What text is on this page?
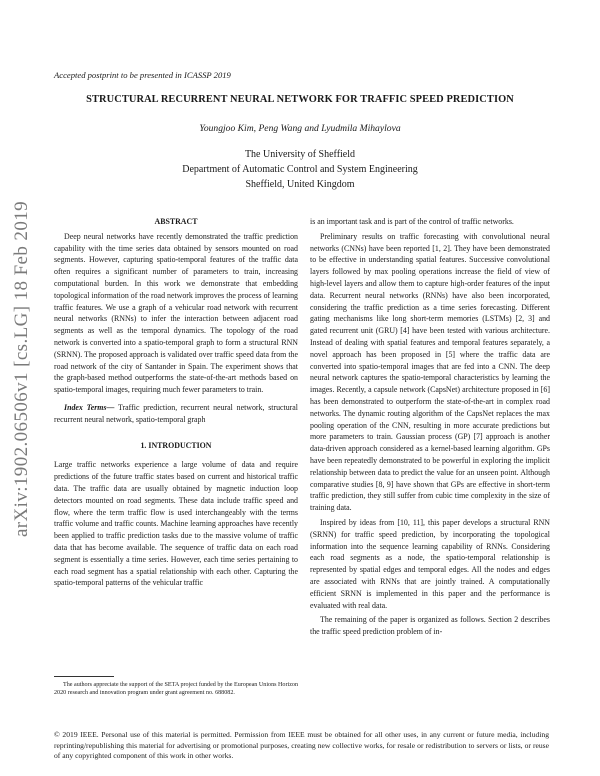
arXiv:1902.06506v1 [cs.LG] 18 Feb 2019
Accepted postprint to be presented in ICASSP 2019
STRUCTURAL RECURRENT NEURAL NETWORK FOR TRAFFIC SPEED PREDICTION
Youngjoo Kim, Peng Wang and Lyudmila Mihaylova
The University of Sheffield
Department of Automatic Control and System Engineering
Sheffield, United Kingdom
ABSTRACT

Deep neural networks have recently demonstrated the traffic prediction capability with the time series data obtained by sensors mounted on road segments. However, capturing spatio-temporal features of the traffic data often requires a significant number of parameters to train, increasing computational burden. In this work we demonstrate that embedding topological information of the road network improves the process of learning traffic features. We use a graph of a vehicular road network with recurrent neural networks (RNNs) to infer the interaction between adjacent road segments as well as the temporal dynamics. The topology of the road network is converted into a spatio-temporal graph to form a structural RNN (SRNN). The proposed approach is validated over traffic speed data from the road network of the city of Santander in Spain. The experiment shows that the graph-based method outperforms the state-of-the-art methods based on spatio-temporal images, requiring much fewer parameters to train.

Index Terms— Traffic prediction, recurrent neural network, structural recurrent neural network, spatio-temporal graph

1. INTRODUCTION

Large traffic networks experience a large volume of data and require predictions of the future traffic states based on current and historical traffic data. The traffic data are usually obtained by magnetic induction loop detectors mounted on road segments. These data include traffic speed and flow, where the term traffic flow is used interchangeably with the terms traffic volume and traffic counts. Machine learning approaches have recently been applied to traffic prediction tasks due to the massive volume of traffic data that has become available. The sequence of traffic data on each road segment is essentially a time series. However, each time series pertaining to each road segment has a spatial relationship with each other. Capturing the spatio-temporal patterns of the vehicular traffic

is an important task and is part of the control of traffic networks.

Preliminary results on traffic forecasting with convolutional neural networks (CNNs) have been reported [1, 2]. They have been demonstrated to be effective in understanding spatial features. Successive convolutional layers followed by max pooling operations increase the field of view of high-level layers and allow them to capture high-order features of the input data. Recurrent neural networks (RNNs) have also been incorporated, considering the traffic prediction as a time series forecasting. Different gating mechanisms like long short-term memories (LSTMs) [2, 3] and gated recurrent unit (GRU) [4] have been tested with various architecture. Instead of dealing with spatial features and temporal features separately, a novel approach has been proposed in [5] where the traffic data are converted into spatio-temporal images that are fed into a CNN. The deep neural network captures the spatio-temporal characteristics by learning the images. Recently, a capsule network (CapsNet) architecture proposed in [6] has been demonstrated to outperform the state-of-the-art in complex road networks. The dynamic routing algorithm of the CapsNet replaces the max pooling operation of the CNN, resulting in more accurate predictions but more parameters to train. Gaussian process (GP) [7] approach is another data-driven approach considered as a kernel-based learning algorithm. GPs have been repeatedly demonstrated to be powerful in exploring the implicit relationship between data to predict the value for an unseen point. Although comparative studies [8, 9] have shown that GPs are effective in short-term traffic prediction, they still suffer from cubic time complexity in the size of training data.

Inspired by ideas from [10, 11], this paper develops a structural RNN (SRNN) for traffic speed prediction, by incorporating the topological information into the sequence learning capability of RNNs. Considering each road segments as a node, the spatio-temporal relationship is represented by spatial edges and temporal edges. All the nodes and edges are associated with RNNs that are jointly trained. A computationally efficient SRNN is implemented in this paper and the performance is evaluated with real data.

The remaining of the paper is organized as follows. Section 2 describes the traffic speed prediction problem of in-

The authors appreciate the support of the SETA project funded by the European Unions Horizon 2020 research and innovation program under grant agreement no. 688082.
© 2019 IEEE. Personal use of this material is permitted. Permission from IEEE must be obtained for all other uses, in any current or future media, including reprinting/republishing this material for advertising or promotional purposes, creating new collective works, for resale or redistribution to servers or lists, or reuse of any copyrighted component of this work in other works.
